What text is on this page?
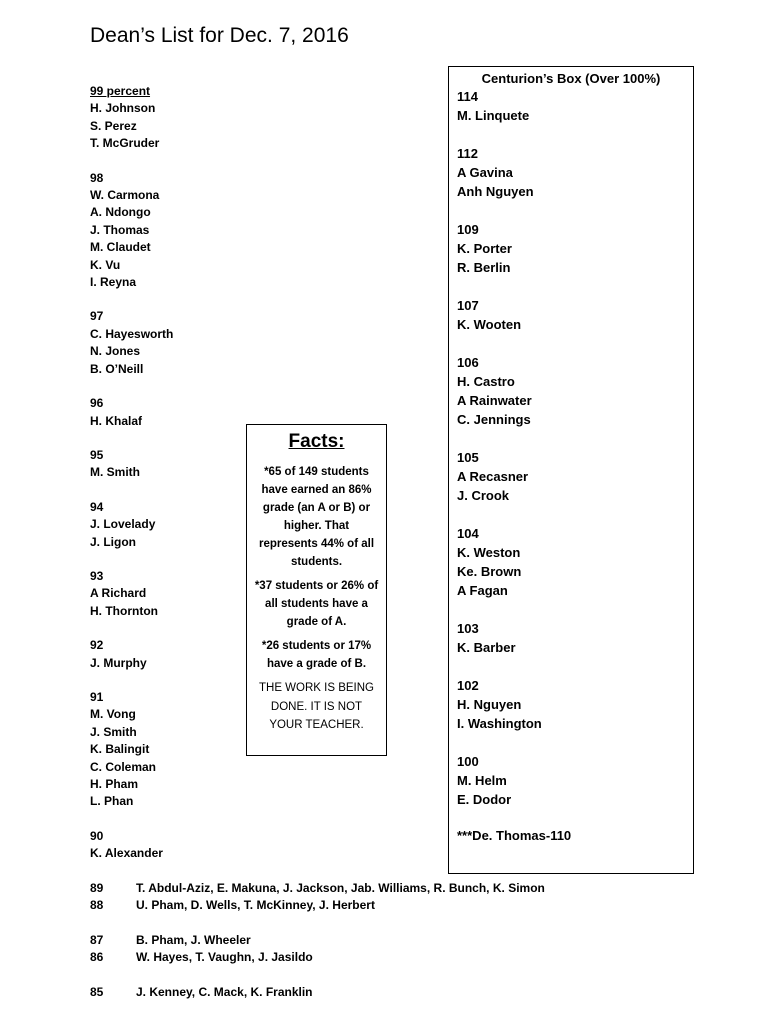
Dean’s List for Dec. 7, 2016
99 percent
H. Johnson
S. Perez
T. McGruder
98
W. Carmona
A. Ndongo
J. Thomas
M. Claudet
K. Vu
I. Reyna
97
C. Hayesworth
N. Jones
B. O’Neill
96
H. Khalaf
95
M. Smith
94
J. Lovelady
J. Ligon
93
A Richard
H. Thornton
92
J. Murphy
91
M. Vong
J. Smith
K. Balingit
C. Coleman
H. Pham
L. Phan
90
K. Alexander
Facts:

*65 of 149 students have earned an 86% grade (an A or B) or higher. That represents 44% of all students.

*37 students or 26% of all students have a grade of A.

*26 students or 17% have a grade of B.

THE WORK IS BEING DONE. IT IS NOT YOUR TEACHER.
Centurion’s Box (Over 100%)
114
M. Linquete
112
A Gavina
Anh Nguyen
109
K. Porter
R. Berlin
107
K. Wooten
106
H. Castro
A Rainwater
C. Jennings
105
A Recasner
J. Crook
104
K. Weston
Ke. Brown
A Fagan
103
K. Barber
102
H. Nguyen
I. Washington
100
M. Helm
E. Dodor
***De. Thomas-110
89	T. Abdul-Aziz, E. Makuna, J. Jackson, Jab. Williams, R. Bunch, K. Simon
88	U. Pham, D. Wells, T. McKinney, J. Herbert
87	B. Pham, J. Wheeler
86	W. Hayes, T. Vaughn, J. Jasildo
85	J. Kenney, C. Mack, K. Franklin
